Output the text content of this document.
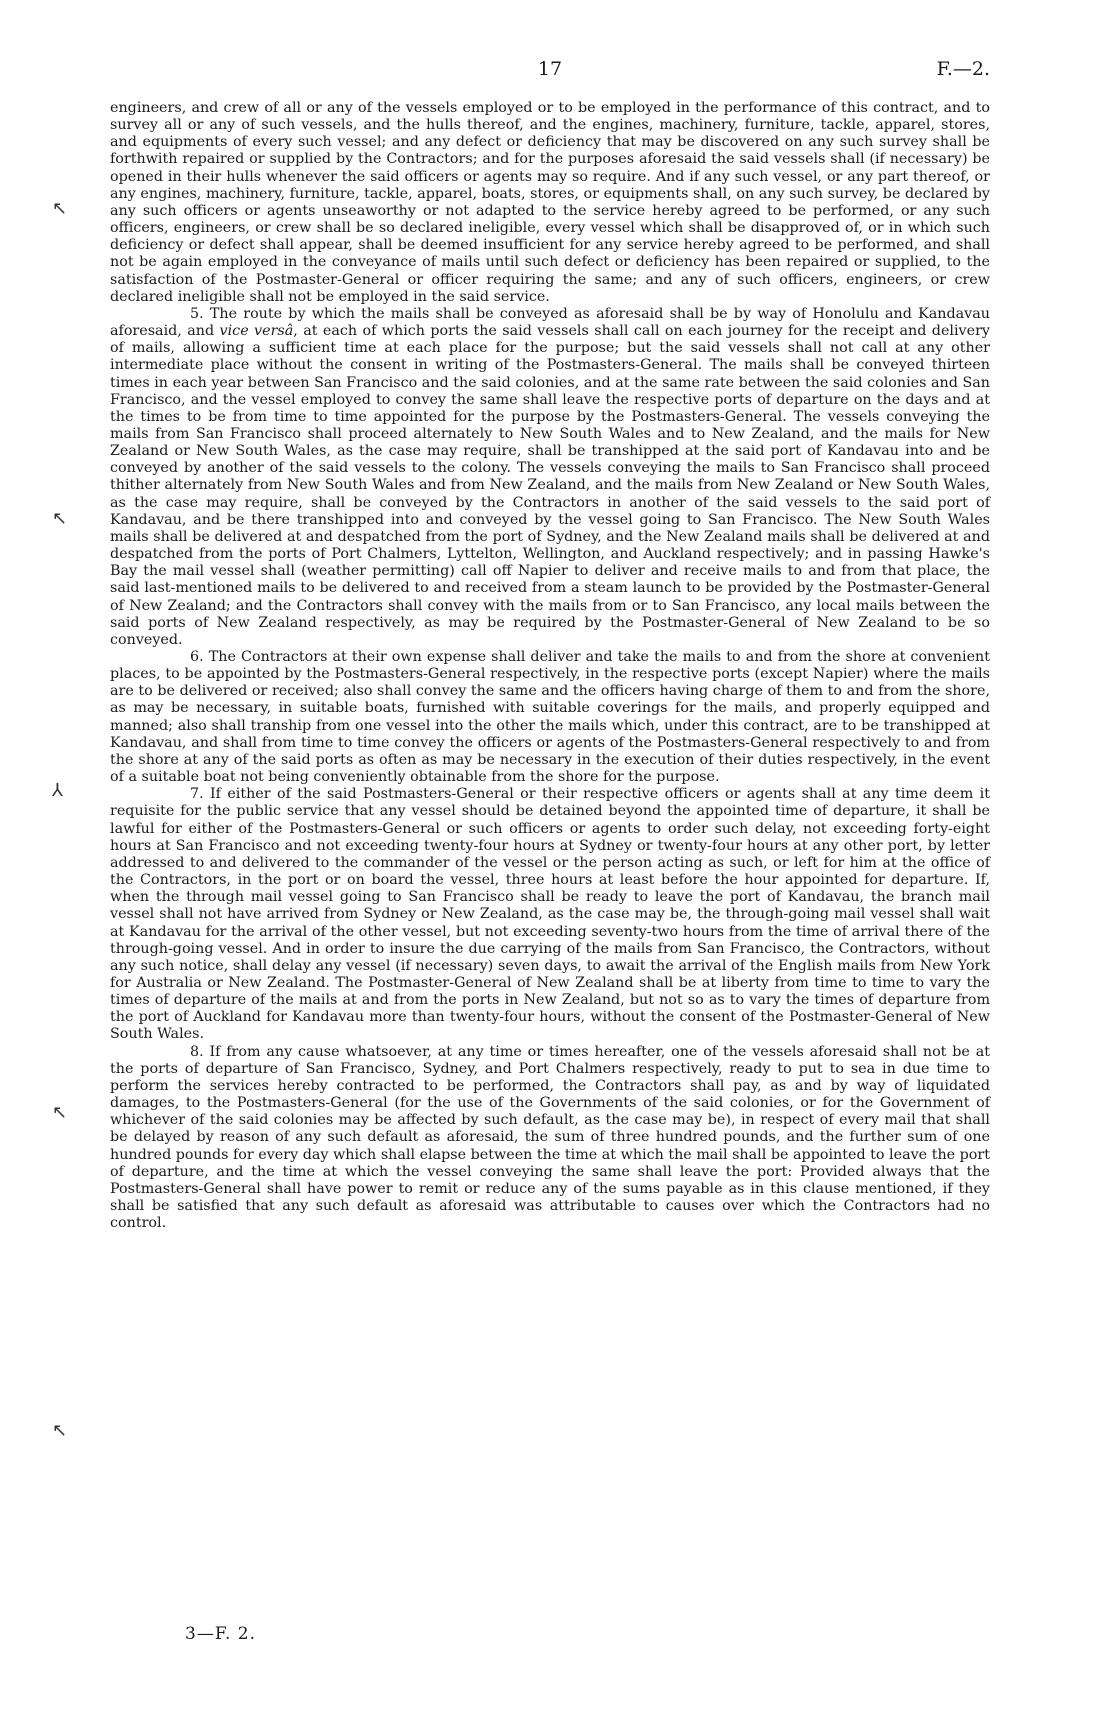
17	F.—2.

engineers, and crew of all or any of the vessels employed or to be employed in the performance of this contract, and to survey all or any of such vessels, and the hulls thereof, and the engines, machinery, furniture, tackle, apparel, stores, and equipments of every such vessel; and any defect or deficiency that may be discovered on any such survey shall be forthwith repaired or supplied by the Contractors; and for the purposes aforesaid the said vessels shall (if necessary) be opened in their hulls whenever the said officers or agents may so require. And if any such vessel, or any part thereof, or any engines, machinery, furniture, tackle, apparel, boats, stores, or equipments shall, on any such survey, be declared by any such officers or agents unseaworthy or not adapted to the service hereby agreed to be performed, or any such officers, engineers, or crew shall be so declared ineligible, every vessel which shall be disapproved of, or in which such deficiency or defect shall appear, shall be deemed insufficient for any service hereby agreed to be performed, and shall not be again employed in the conveyance of mails until such defect or deficiency has been repaired or supplied, to the satisfaction of the Postmaster-General or officer requiring the same; and any of such officers, engineers, or crew declared ineligible shall not be employed in the said service.

5. The route by which the mails shall be conveyed as aforesaid shall be by way of Honolulu and Kandavau aforesaid, and vice versâ, at each of which ports the said vessels shall call on each journey for the receipt and delivery of mails, allowing a sufficient time at each place for the purpose; but the said vessels shall not call at any other intermediate place without the consent in writing of the Postmasters-General. The mails shall be conveyed thirteen times in each year between San Francisco and the said colonies, and at the same rate between the said colonies and San Francisco, and the vessel employed to convey the same shall leave the respective ports of departure on the days and at the times to be from time to time appointed for the purpose by the Postmasters-General. The vessels conveying the mails from San Francisco shall proceed alternately to New South Wales and to New Zealand, and the mails for New Zealand or New South Wales, as the case may require, shall be transhipped at the said port of Kandavau into and be conveyed by another of the said vessels to the colony. The vessels conveying the mails to San Francisco shall proceed thither alternately from New South Wales and from New Zealand, and the mails from New Zealand or New South Wales, as the case may require, shall be conveyed by the Contractors in another of the said vessels to the said port of Kandavau, and be there transhipped into and conveyed by the vessel going to San Francisco. The New South Wales mails shall be delivered at and despatched from the port of Sydney, and the New Zealand mails shall be delivered at and despatched from the ports of Port Chalmers, Lyttelton, Wellington, and Auckland respectively; and in passing Hawke's Bay the mail vessel shall (weather permitting) call off Napier to deliver and receive mails to and from that place, the said last-mentioned mails to be delivered to and received from a steam launch to be provided by the Postmaster-General of New Zealand; and the Contractors shall convey with the mails from or to San Francisco, any local mails between the said ports of New Zealand respectively, as may be required by the Postmaster-General of New Zealand to be so conveyed.

6. The Contractors at their own expense shall deliver and take the mails to and from the shore at convenient places, to be appointed by the Postmasters-General respectively, in the respective ports (except Napier) where the mails are to be delivered or received; also shall convey the same and the officers having charge of them to and from the shore, as may be necessary, in suitable boats, furnished with suitable coverings for the mails, and properly equipped and manned; also shall tranship from one vessel into the other the mails which, under this contract, are to be transhipped at Kandavau, and shall from time to time convey the officers or agents of the Postmasters-General respectively to and from the shore at any of the said ports as often as may be necessary in the execution of their duties respectively, in the event of a suitable boat not being conveniently obtainable from the shore for the purpose.

7. If either of the said Postmasters-General or their respective officers or agents shall at any time deem it requisite for the public service that any vessel should be detained beyond the appointed time of departure, it shall be lawful for either of the Postmasters-General or such officers or agents to order such delay, not exceeding forty-eight hours at San Francisco and not exceeding twenty-four hours at Sydney or twenty-four hours at any other port, by letter addressed to and delivered to the commander of the vessel or the person acting as such, or left for him at the office of the Contractors, in the port or on board the vessel, three hours at least before the hour appointed for departure. If, when the through mail vessel going to San Francisco shall be ready to leave the port of Kandavau, the branch mail vessel shall not have arrived from Sydney or New Zealand, as the case may be, the through-going mail vessel shall wait at Kandavau for the arrival of the other vessel, but not exceeding seventy-two hours from the time of arrival there of the through-going vessel. And in order to insure the due carrying of the mails from San Francisco, the Contractors, without any such notice, shall delay any vessel (if necessary) seven days, to await the arrival of the English mails from New York for Australia or New Zealand. The Postmaster-General of New Zealand shall be at liberty from time to time to vary the times of departure of the mails at and from the ports in New Zealand, but not so as to vary the times of departure from the port of Auckland for Kandavau more than twenty-four hours, without the consent of the Postmaster-General of New South Wales.

8. If from any cause whatsoever, at any time or times hereafter, one of the vessels aforesaid shall not be at the ports of departure of San Francisco, Sydney, and Port Chalmers respectively, ready to put to sea in due time to perform the services hereby contracted to be performed, the Contractors shall pay, as and by way of liquidated damages, to the Postmasters-General (for the use of the Governments of the said colonies, or for the Government of whichever of the said colonies may be affected by such default, as the case may be), in respect of every mail that shall be delayed by reason of any such default as aforesaid, the sum of three hundred pounds, and the further sum of one hundred pounds for every day which shall elapse between the time at which the mail shall be appointed to leave the port of departure, and the time at which the vessel conveying the same shall leave the port: Provided always that the Postmasters-General shall have power to remit or reduce any of the sums payable as in this clause mentioned, if they shall be satisfied that any such default as aforesaid was attributable to causes over which the Contractors had no control.

3—F. 2.
↖
↖
⅄
↖
↖
